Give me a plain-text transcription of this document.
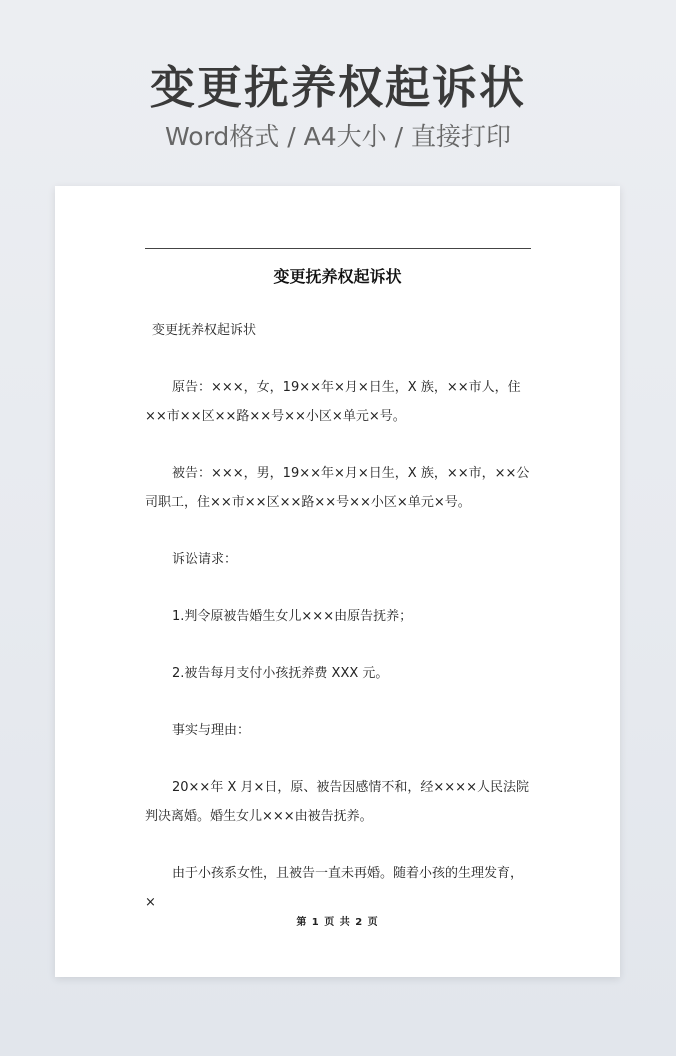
变更抚养权起诉状
Word格式 / A4大小 / 直接打印
变更抚养权起诉状

变更抚养权起诉状

原告：×××，女，19××年×月×日生，X 族，××市人，住××市××区××路××号××小区×单元×号。

被告：×××，男，19××年×月×日生，X 族，××市，××公司职工，住××市××区××路××号××小区×单元×号。

诉讼请求：

1.判令原被告婚生女儿×××由原告抚养；

2.被告每月支付小孩抚养费 XXX 元。

事实与理由：

20××年 X 月×日，原、被告因感情不和，经××××人民法院判决离婚。婚生女儿×××由被告抚养。

由于小孩系女性，且被告一直未再婚。随着小孩的生理发育，×

第 1 页 共 2 页
